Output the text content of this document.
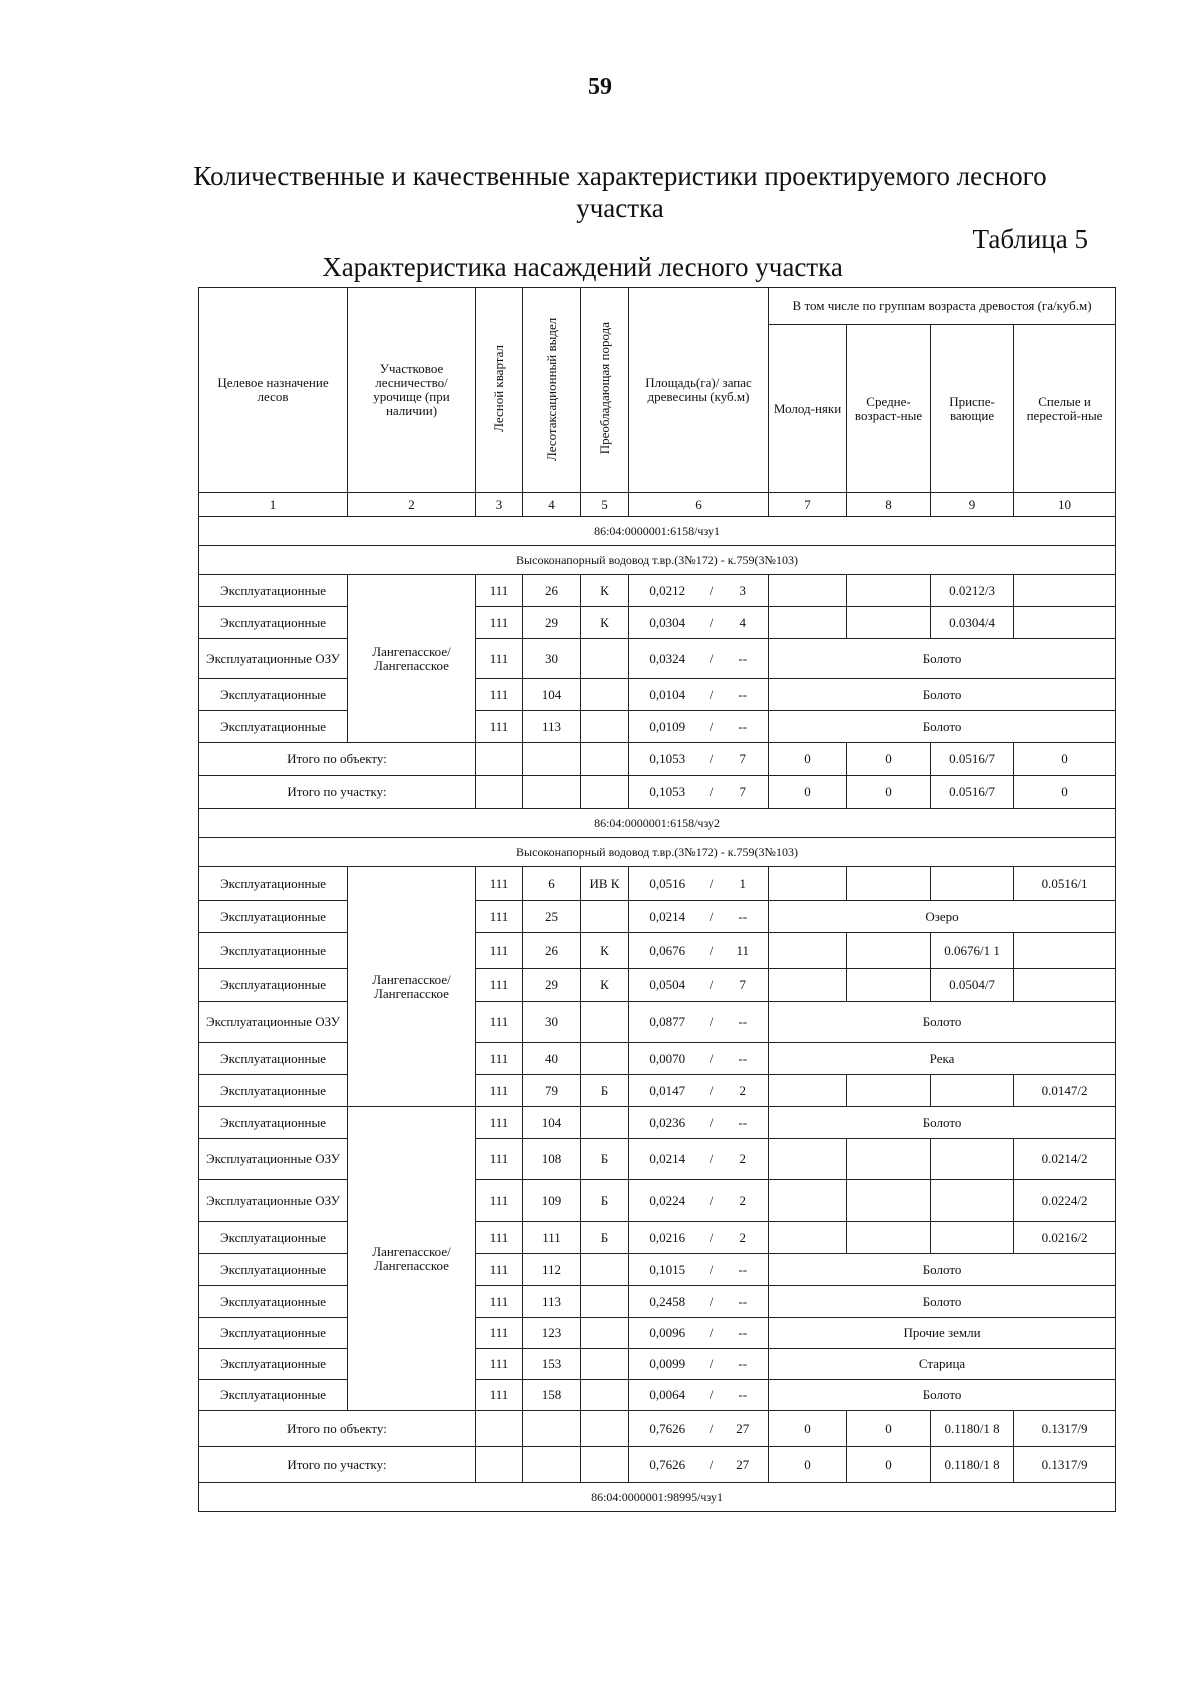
59
Количественные и качественные характеристики проектируемого лесного
участка
Таблица 5
Характеристика насаждений лесного участка
Целевое назначение лесов	Участковое лесничество/ урочище (при наличии)	Лесной квартал	Лесотаксационный выдел	Преобладающая порода	Площадь(га)/ запас древесины (куб.м)			В том числе по группам возраста древостоя (га/куб.м)			
								Молод-няки	Средне-возраст-ные	Приспе-вающие	Спелые и перестой-ные
1	2	3	4	5	6			7	8	9	10
86:04:0000001:6158/чзу1											
Высоконапорный водовод т.вр.(3№172) - к.759(3№103)											
Эксплуатационные	Лангепасское/ Лангепасское	111	26	К	0,0212	/	3			0.0212/3	
Эксплуатационные		111	29	К	0,0304	/	4			0.0304/4	
Эксплуатационные ОЗУ		111	30		0,0324	/	--	Болото			
Эксплуатационные		111	104		0,0104	/	--	Болото			
Эксплуатационные		111	113		0,0109	/	--	Болото			
Итого по объекту:					0,1053	/	7	0	0	0.0516/7	0
Итого по участку:					0,1053	/	7	0	0	0.0516/7	0
86:04:0000001:6158/чзу2											
Высоконапорный водовод т.вр.(3№172) - к.759(3№103)											
Эксплуатационные	Лангепасское/ Лангепасское	111	6	ИВ К	0,0516	/	1				0.0516/1
Эксплуатационные		111	25		0,0214	/	--	Озеро			
Эксплуатационные		111	26	К	0,0676	/	11			0.0676/1 1	
Эксплуатационные		111	29	К	0,0504	/	7			0.0504/7	
Эксплуатационные ОЗУ		111	30		0,0877	/	--	Болото			
Эксплуатационные		111	40		0,0070	/	--	Река			
Эксплуатационные		111	79	Б	0,0147	/	2				0.0147/2
Эксплуатационные	Лангепасское/ Лангепасское	111	104		0,0236	/	--	Болото			
Эксплуатационные ОЗУ		111	108	Б	0,0214	/	2				0.0214/2
Эксплуатационные ОЗУ		111	109	Б	0,0224	/	2				0.0224/2
Эксплуатационные		111	111	Б	0,0216	/	2				0.0216/2
Эксплуатационные		111	112		0,1015	/	--	Болото			
Эксплуатационные		111	113		0,2458	/	--	Болото			
Эксплуатационные		111	123		0,0096	/	--	Прочие земли			
Эксплуатационные		111	153		0,0099	/	--	Старица			
Эксплуатационные		111	158		0,0064	/	--	Болото			
Итого по объекту:					0,7626	/	27	0	0	0.1180/1 8	0.1317/9
Итого по участку:					0,7626	/	27	0	0	0.1180/1 8	0.1317/9
86:04:0000001:98995/чзу1											
